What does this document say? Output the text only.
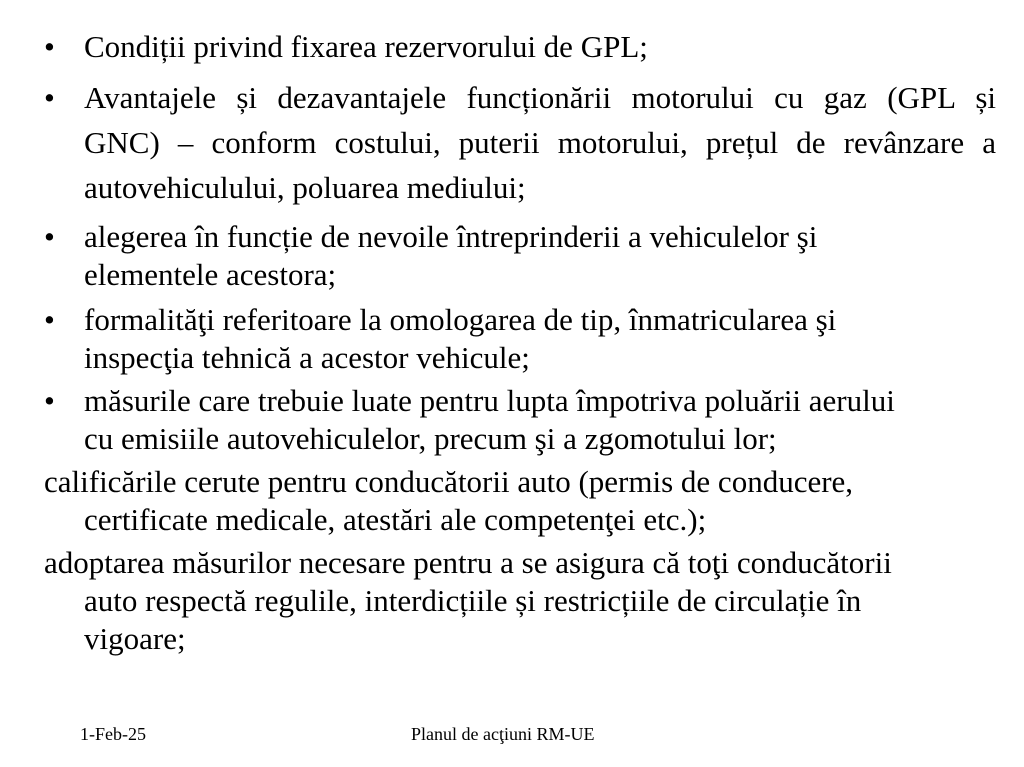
• Condiții privind fixarea rezervorului de GPL;
• Avantajele și dezavantajele funcționării motorului cu gaz (GPL și
GNC) – conform costului, puterii motorului, prețul de revânzare a
autovehiculului, poluarea mediului;
• alegerea în funcție de nevoile întreprinderii a vehiculelor şi
elementele acestora;
• formalităţi referitoare la omologarea de tip, înmatricularea şi
inspecţia tehnică a acestor vehicule;
• măsurile care trebuie luate pentru lupta împotriva poluării aerului
cu emisiile autovehiculelor, precum şi a zgomotului lor;
calificările cerute pentru conducătorii auto (permis de conducere,
certificate medicale, atestări ale competenţei etc.);
adoptarea măsurilor necesare pentru a se asigura că toţi conducătorii
auto respectă regulile, interdicțiile și restricțiile de circulație în
vigoare;
1-Feb-25	Planul de acţiuni RM-UE
